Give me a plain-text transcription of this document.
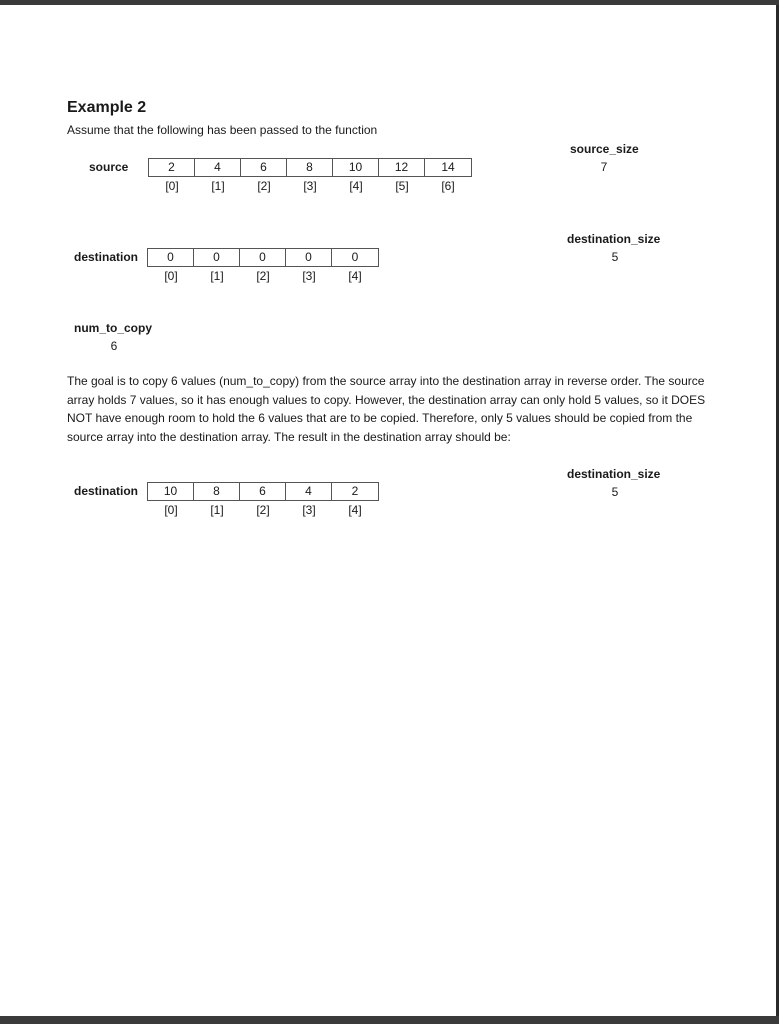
Example 2
Assume that the following has been passed to the function
source	2	4	6	8	10	12	14
[0]	[1]	[2]	[3]	[4]	[5]	[6]
source_size
7
destination	0	0	0	0	0
[0]	[1]	[2]	[3]	[4]
destination_size
5
num_to_copy
6
The goal is to copy 6 values (num_to_copy) from the source array into the destination array in reverse order. The source array holds 7 values, so it has enough values to copy. However, the destination array can only hold 5 values, so it DOES NOT have enough room to hold the 6 values that are to be copied. Therefore, only 5 values should be copied from the source array into the destination array. The result in the destination array should be:
destination	10	8	6	4	2
[0]	[1]	[2]	[3]	[4]
destination_size
5
